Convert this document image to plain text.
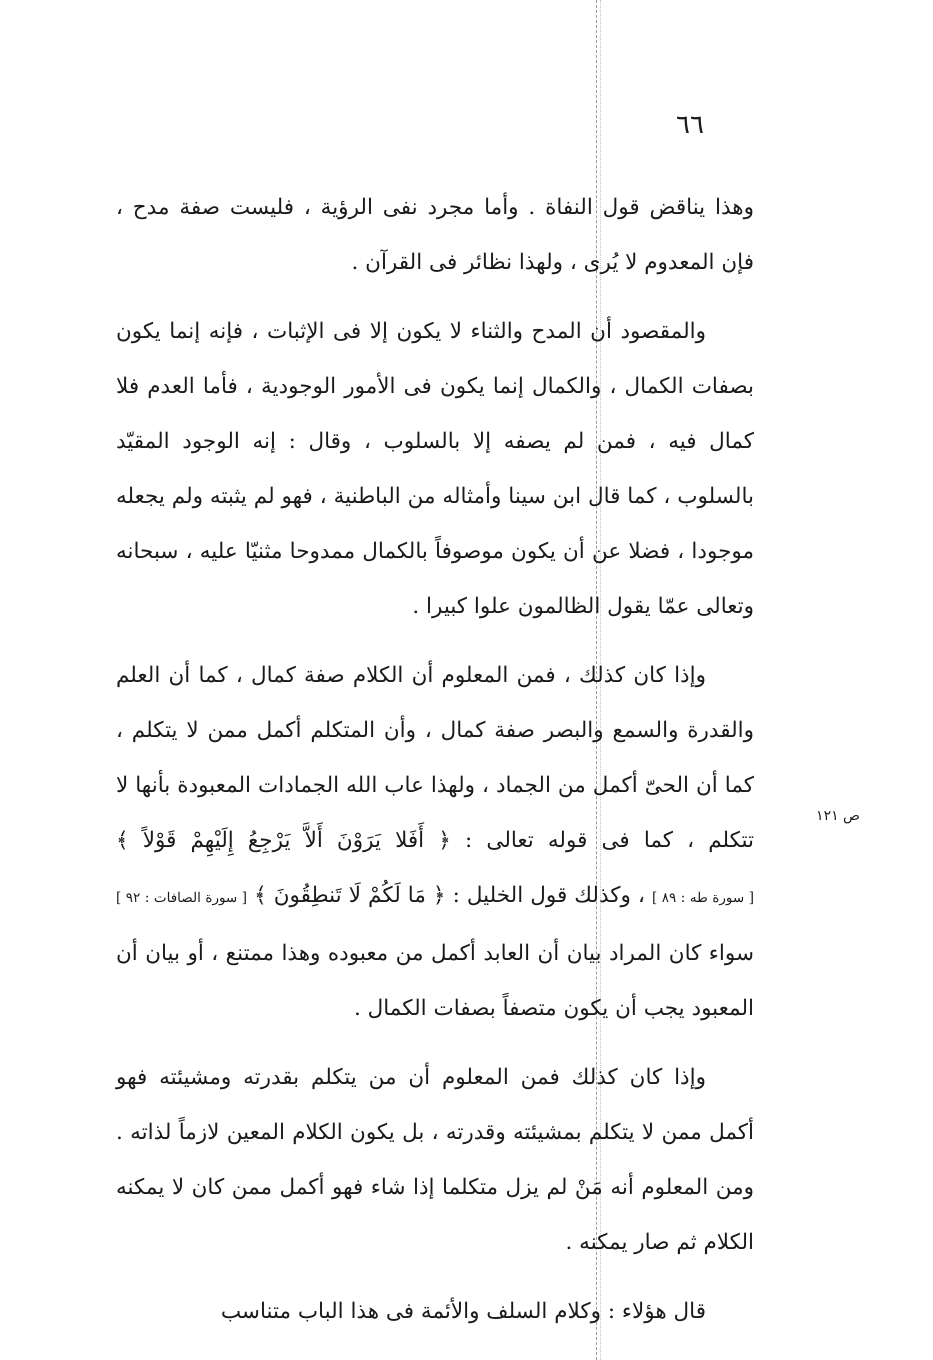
٦٦
ص ١٢١

وهذا يناقض قول النفاة . وأما مجرد نفى الرؤية ، فليست صفة مدح ، فإن المعدوم لا يُرى ، ولهذا نظائر فى القرآن .

والمقصود أن المدح والثناء لا يكون إلا فى الإثبات ، فإنه إنما يكون بصفات الكمال ، والكمال إنما يكون فى الأمور الوجودية ، فأما العدم فلا كمال فيه ، فمن لم يصفه إلا بالسلوب ، وقال : إنه الوجود المقيّد بالسلوب ، كما قال ابن سينا وأمثاله من الباطنية ، فهو لم يثبته ولم يجعله موجودا ، فضلا عن أن يكون موصوفاً بالكمال ممدوحا مثنيّا عليه ، سبحانه وتعالى عمّا يقول الظالمون علوا كبيرا .

وإذا كان كذلك ، فمن المعلوم أن الكلام صفة كمال ، كما أن العلم والقدرة والسمع والبصر صفة كمال ، وأن المتكلم أكمل ممن لا يتكلم ، كما أن الحىّ أكمل من الجماد ، ولهذا عاب الله الجمادات المعبودة بأنها لا تتكلم ، كما فى قوله تعالى : ﴿ أَفَلا يَرَوْنَ أَلاَّ يَرْجِعُ إِلَيْهِمْ قَوْلاً ﴾ [ سورة طه : ٨٩ ] ، وكذلك قول الخليل : ﴿ مَا لَكُمْ لَا تَنطِقُونَ ﴾ [ سورة الصافات : ٩٢ ] سواء كان المراد بيان أن العابد أكمل من معبوده وهذا ممتنع ، أو بيان أن المعبود يجب أن يكون متصفاً بصفات الكمال .

وإذا كان كذلك فمن المعلوم أن من يتكلم بقدرته ومشيئته فهو أكمل ممن لا يتكلم بمشيئته وقدرته ، بل يكون الكلام المعين لازماً لذاته . ومن المعلوم أنه مَنْ لم يزل متكلما إذا شاء فهو أكمل ممن كان لا يمكنه الكلام ثم صار يمكنه .

قال هؤلاء : وكلام السلف والأئمة فى هذا الباب متناسب
